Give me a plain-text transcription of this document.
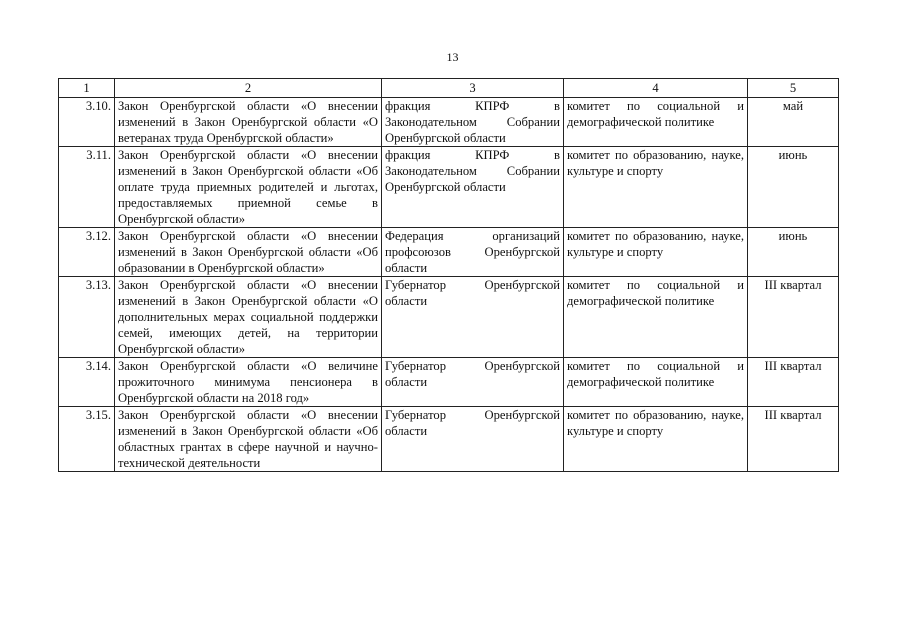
13
1	2	3	4	5
3.10.	Закон Оренбургской области «О внесении изменений в Закон Оренбургской области «О ветеранах труда Оренбургской области»	фракция КПРФ в Законодательном Собрании Оренбургской области	комитет по социальной и демографической политике	май
3.11.	Закон Оренбургской области «О внесении изменений в Закон Оренбургской области «Об оплате труда приемных родителей и льготах, предоставляемых приемной семье в Оренбургской области»	фракция КПРФ в Законодательном Собрании Оренбургской области	комитет по образованию, науке, культуре и спорту	июнь
3.12.	Закон Оренбургской области «О внесении изменений в Закон Оренбургской области «Об образовании в Оренбургской области»	Федерация организаций профсоюзов Оренбургской области	комитет по образованию, науке, культуре и спорту	июнь
3.13.	Закон Оренбургской области «О внесении изменений в Закон Оренбургской области «О дополнительных мерах социальной поддержки семей, имеющих детей, на территории Оренбургской области»	Губернатор Оренбургской области	комитет по социальной и демографической политике	III квартал
3.14.	Закон Оренбургской области «О величине прожиточного минимума пенсионера в Оренбургской области на 2018 год»	Губернатор Оренбургской области	комитет по социальной и демографической политике	III квартал
3.15.	Закон Оренбургской области «О внесении изменений в Закон Оренбургской области «Об областных грантах в сфере научной и научно-технической деятельности	Губернатор Оренбургской области	комитет по образованию, науке, культуре и спорту	III квартал
